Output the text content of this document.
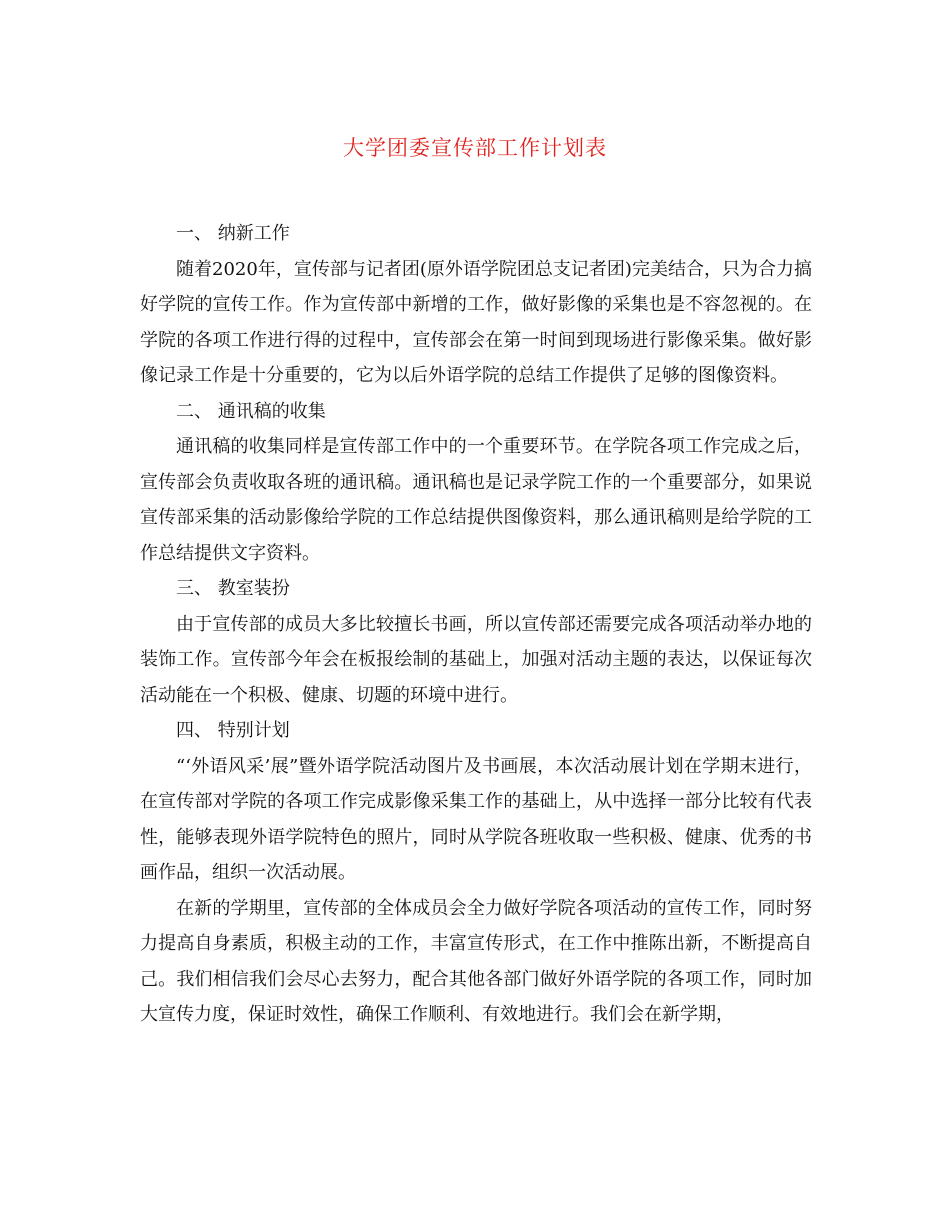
大学团委宣传部工作计划表

一、 纳新工作

随着2020年，宣传部与记者团(原外语学院团总支记者团)完美结合，只为合力搞好学院的宣传工作。作为宣传部中新增的工作，做好影像的采集也是不容忽视的。在学院的各项工作进行得的过程中，宣传部会在第一时间到现场进行影像采集。做好影像记录工作是十分重要的，它为以后外语学院的总结工作提供了足够的图像资料。

二、 通讯稿的收集

通讯稿的收集同样是宣传部工作中的一个重要环节。在学院各项工作完成之后，宣传部会负责收取各班的通讯稿。通讯稿也是记录学院工作的一个重要部分，如果说宣传部采集的活动影像给学院的工作总结提供图像资料，那么通讯稿则是给学院的工作总结提供文字资料。

三、 教室装扮

由于宣传部的成员大多比较擅长书画，所以宣传部还需要完成各项活动举办地的装饰工作。宣传部今年会在板报绘制的基础上，加强对活动主题的表达，以保证每次活动能在一个积极、健康、切题的环境中进行。

四、 特别计划

“‘外语风采’展”暨外语学院活动图片及书画展，本次活动展计划在学期末进行，在宣传部对学院的各项工作完成影像采集工作的基础上，从中选择一部分比较有代表性，能够表现外语学院特色的照片，同时从学院各班收取一些积极、健康、优秀的书画作品，组织一次活动展。

在新的学期里，宣传部的全体成员会全力做好学院各项活动的宣传工作，同时努力提高自身素质，积极主动的工作，丰富宣传形式，在工作中推陈出新，不断提高自己。我们相信我们会尽心去努力，配合其他各部门做好外语学院的各项工作，同时加大宣传力度，保证时效性，确保工作顺利、有效地进行。我们会在新学期，
